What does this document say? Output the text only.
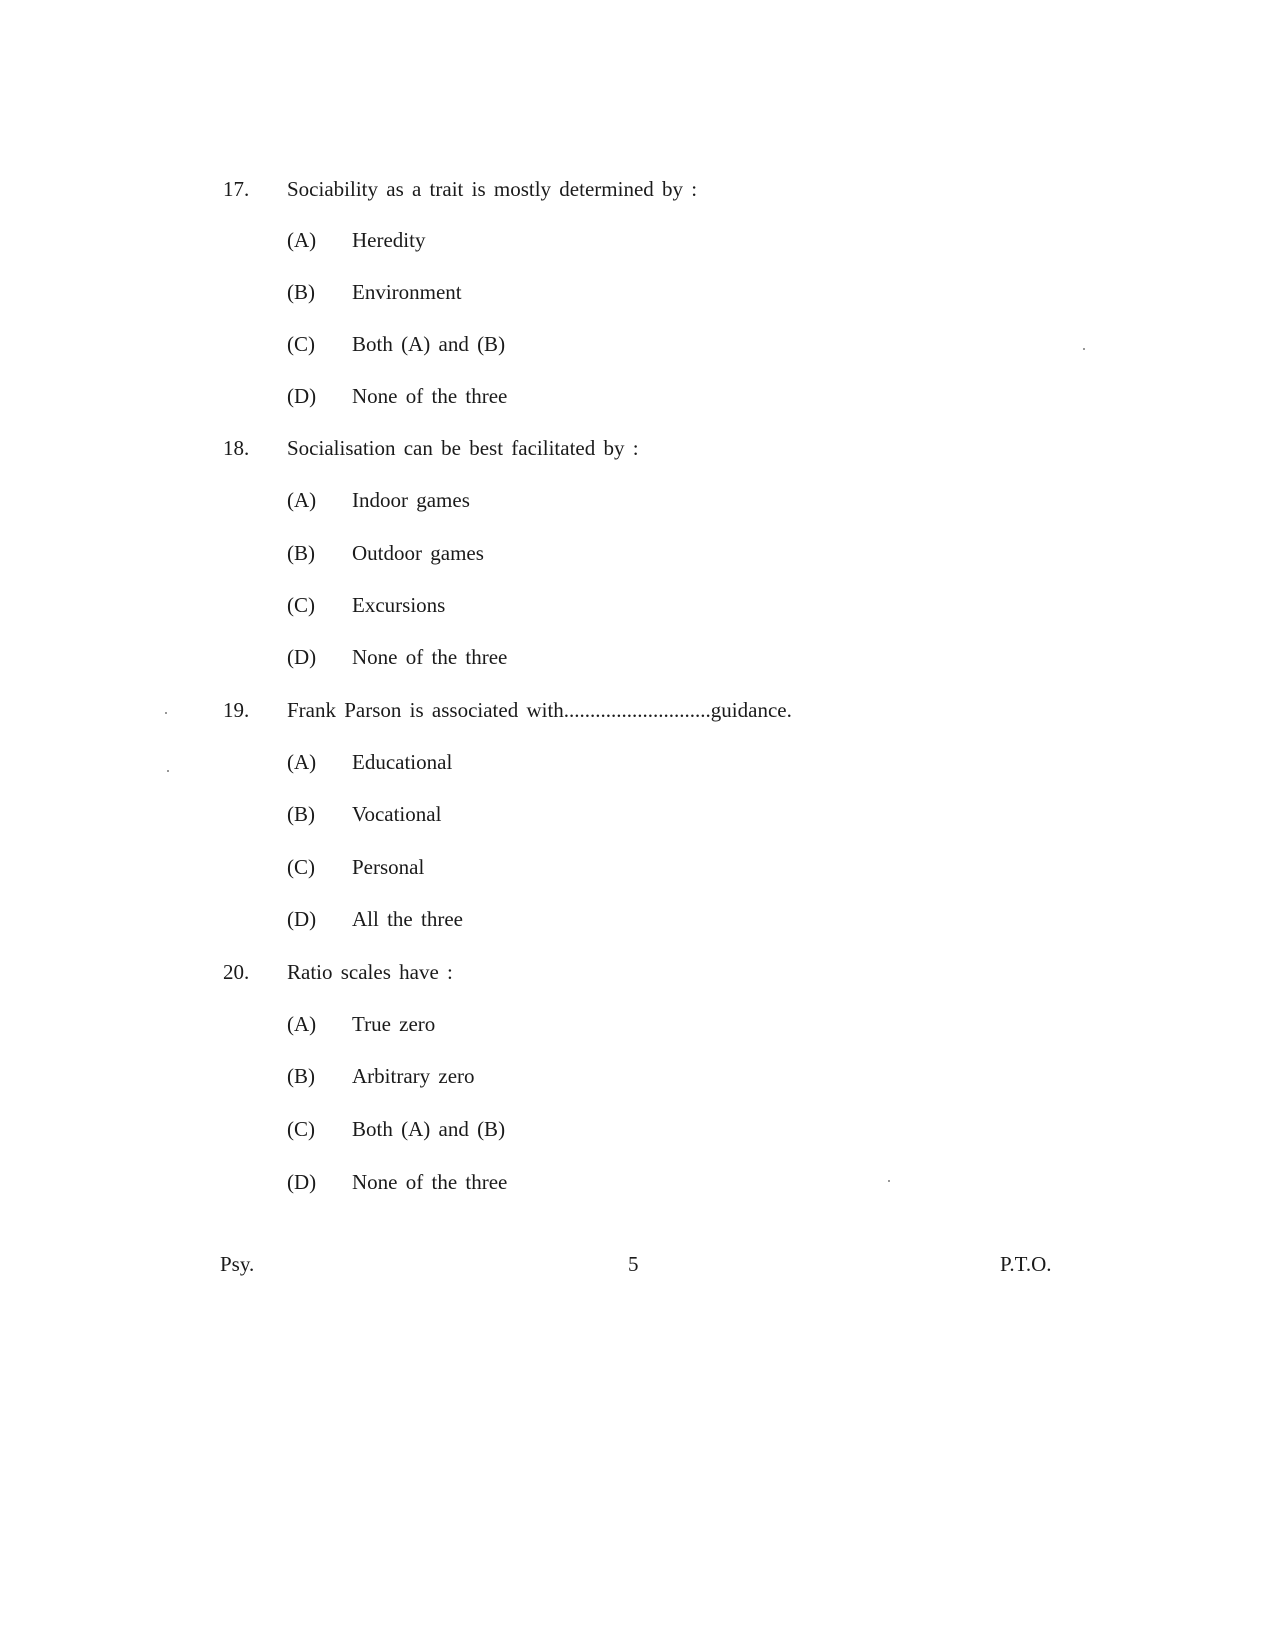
17. Sociability as a trait is mostly determined by :
(A) Heredity
(B) Environment
(C) Both (A) and (B)
(D) None of the three
18. Socialisation can be best facilitated by :
(A) Indoor games
(B) Outdoor games
(C) Excursions
(D) None of the three
19. Frank Parson is associated with............................guidance.
(A) Educational
(B) Vocational
(C) Personal
(D) All the three
20. Ratio scales have :
(A) True zero
(B) Arbitrary zero
(C) Both (A) and (B)
(D) None of the three
Psy.	5	P.T.O.
